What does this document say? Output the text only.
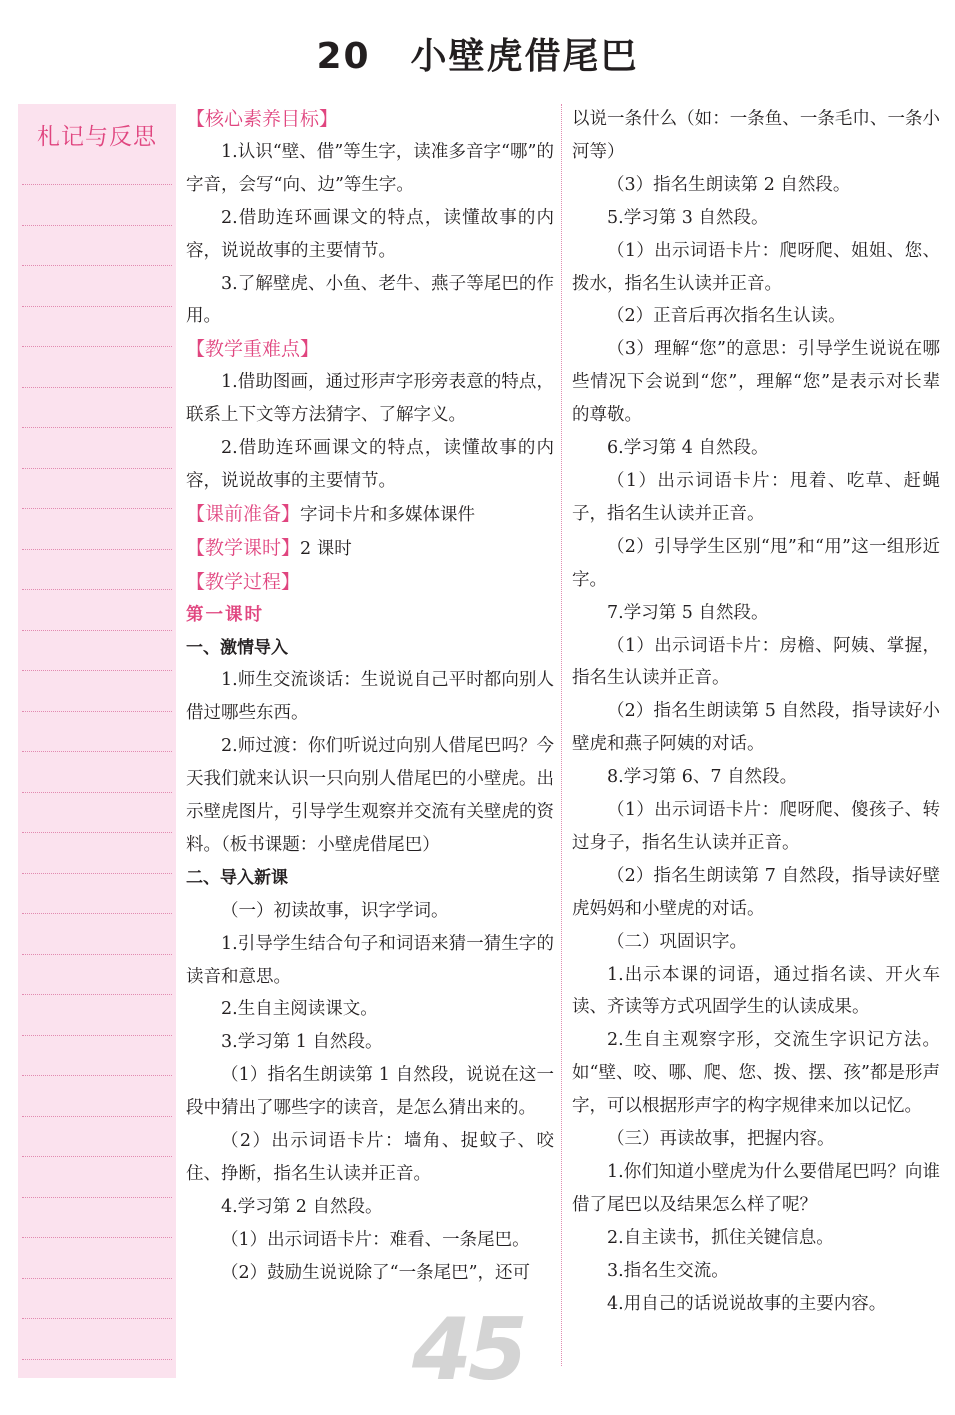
20 小壁虎借尾巴
札记与反思

【核心素养目标】

1.认识“壁、借”等生字，读准多音字“哪”的字音，会写“向、边”等生字。

2.借助连环画课文的特点，读懂故事的内容，说说故事的主要情节。

3.了解壁虎、小鱼、老牛、燕子等尾巴的作用。

【教学重难点】

1.借助图画，通过形声字形旁表意的特点，联系上下文等方法猜字、了解字义。

2.借助连环画课文的特点，读懂故事的内容，说说故事的主要情节。

【课前准备】字词卡片和多媒体课件

【教学课时】2 课时

【教学过程】

第一课时

一、激情导入

1.师生交流谈话：生说说自己平时都向别人借过哪些东西。

2.师过渡：你们听说过向别人借尾巴吗？今天我们就来认识一只向别人借尾巴的小壁虎。出示壁虎图片，引导学生观察并交流有关壁虎的资料。（板书课题：小壁虎借尾巴）

二、导入新课

（一）初读故事，识字学词。

1.引导学生结合句子和词语来猜一猜生字的读音和意思。

2.生自主阅读课文。

3.学习第 1 自然段。

（1）指名生朗读第 1 自然段，说说在这一段中猜出了哪些字的读音，是怎么猜出来的。

（2）出示词语卡片：墙角、捉蚊子、咬住、挣断，指名生认读并正音。

4.学习第 2 自然段。

（1）出示词语卡片：难看、一条尾巴。

（2）鼓励生说说除了“一条尾巴”，还可

以说一条什么（如：一条鱼、一条毛巾、一条小河等）

（3）指名生朗读第 2 自然段。

5.学习第 3 自然段。

（1）出示词语卡片：爬呀爬、姐姐、您、拨水，指名生认读并正音。

（2）正音后再次指名生认读。

（3）理解“您”的意思：引导学生说说在哪些情况下会说到“您”，理解“您”是表示对长辈的尊敬。

6.学习第 4 自然段。

（1）出示词语卡片：甩着、吃草、赶蝇子，指名生认读并正音。

（2）引导学生区别“甩”和“用”这一组形近字。

7.学习第 5 自然段。

（1）出示词语卡片：房檐、阿姨、掌握，指名生认读并正音。

（2）指名生朗读第 5 自然段，指导读好小壁虎和燕子阿姨的对话。

8.学习第 6、7 自然段。

（1）出示词语卡片：爬呀爬、傻孩子、转过身子，指名生认读并正音。

（2）指名生朗读第 7 自然段，指导读好壁虎妈妈和小壁虎的对话。

（二）巩固识字。

1.出示本课的词语，通过指名读、开火车读、齐读等方式巩固学生的认读成果。

2.生自主观察字形，交流生字识记方法。如“壁、咬、哪、爬、您、拨、摆、孩”都是形声字，可以根据形声字的构字规律来加以记忆。

（三）再读故事，把握内容。

1.你们知道小壁虎为什么要借尾巴吗？向谁借了尾巴以及结果怎么样了呢？

2.自主读书，抓住关键信息。

3.指名生交流。

4.用自己的话说说故事的主要内容。

45
